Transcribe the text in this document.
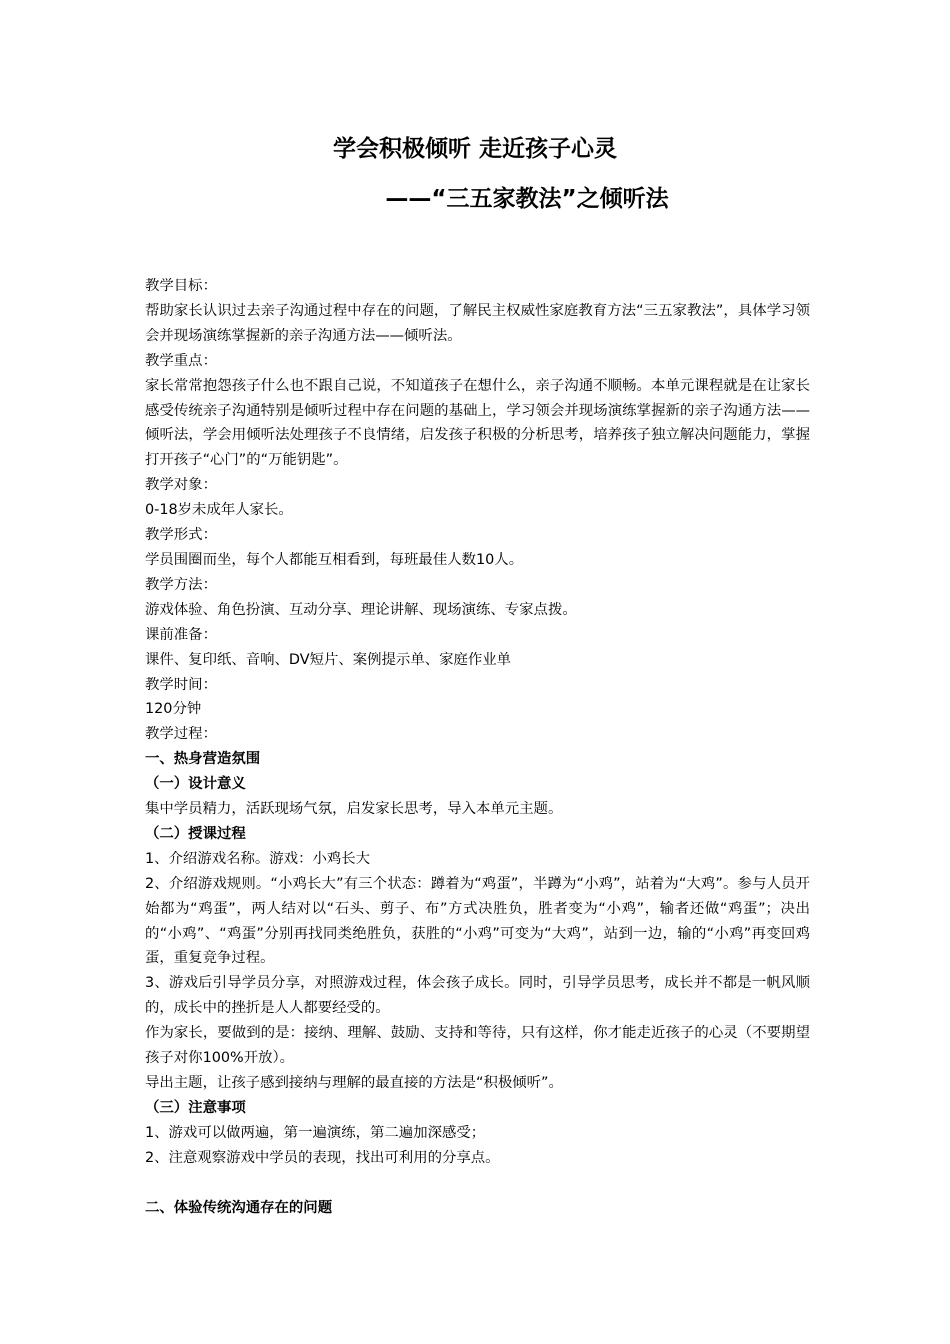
学会积极倾听 走近孩子心灵
——“三五家教法”之倾听法

教学目标：

帮助家长认识过去亲子沟通过程中存在的问题，了解民主权威性家庭教育方法“三五家教法”，具体学习领会并现场演练掌握新的亲子沟通方法——倾听法。

教学重点：

家长常常抱怨孩子什么也不跟自己说，不知道孩子在想什么，亲子沟通不顺畅。本单元课程就是在让家长感受传统亲子沟通特别是倾听过程中存在问题的基础上，学习领会并现场演练掌握新的亲子沟通方法——倾听法，学会用倾听法处理孩子不良情绪，启发孩子积极的分析思考，培养孩子独立解决问题能力，掌握打开孩子“心门”的“万能钥匙”。

教学对象：

0-18岁未成年人家长。

教学形式：

学员围圈而坐，每个人都能互相看到，每班最佳人数10人。

教学方法：

游戏体验、角色扮演、互动分享、理论讲解、现场演练、专家点拨。

课前准备：

课件、复印纸、音响、DV短片、案例提示单、家庭作业单

教学时间：

120分钟

教学过程：

一、热身营造氛围

（一）设计意义

集中学员精力，活跃现场气氛，启发家长思考，导入本单元主题。

（二）授课过程

1、介绍游戏名称。游戏：小鸡长大

2、介绍游戏规则。“小鸡长大”有三个状态：蹲着为“鸡蛋”，半蹲为“小鸡”，站着为“大鸡”。参与人员开始都为“鸡蛋”，两人结对以“石头、剪子、布”方式决胜负，胜者变为“小鸡”，输者还做“鸡蛋”；决出的“小鸡”、“鸡蛋”分别再找同类绝胜负，获胜的“小鸡”可变为“大鸡”，站到一边，输的“小鸡”再变回鸡蛋，重复竞争过程。

3、游戏后引导学员分享，对照游戏过程，体会孩子成长。同时，引导学员思考，成长并不都是一帆风顺的，成长中的挫折是人人都要经受的。

作为家长，要做到的是：接纳、理解、鼓励、支持和等待，只有这样，你才能走近孩子的心灵（不要期望孩子对你100%开放）。

导出主题，让孩子感到接纳与理解的最直接的方法是“积极倾听”。

（三）注意事项

1、游戏可以做两遍，第一遍演练，第二遍加深感受；

2、注意观察游戏中学员的表现，找出可利用的分享点。

二、体验传统沟通存在的问题
